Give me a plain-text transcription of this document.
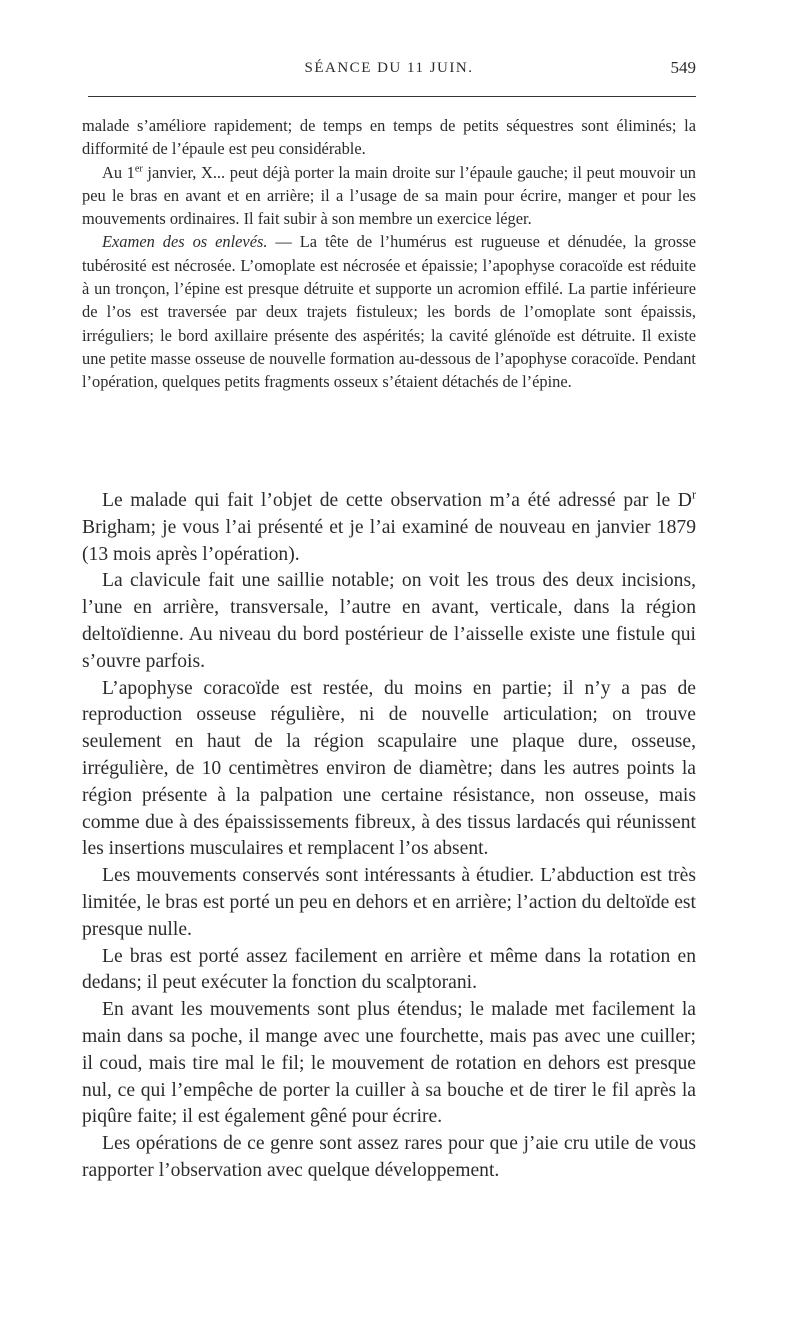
SÉANCE DU 11 JUIN.	549

malade s’améliore rapidement; de temps en temps de petits séquestres sont éliminés; la difformité de l’épaule est peu considérable.

Au 1er janvier, X... peut déjà porter la main droite sur l’épaule gauche; il peut mouvoir un peu le bras en avant et en arrière; il a l’usage de sa main pour écrire, manger et pour les mouvements ordinaires. Il fait subir à son membre un exercice léger.

Examen des os enlevés. — La tête de l’humérus est rugueuse et dénudée, la grosse tubérosité est nécrosée. L’omoplate est nécrosée et épaissie; l’apophyse coracoïde est réduite à un tronçon, l’épine est presque détruite et supporte un acromion effilé. La partie inférieure de l’os est traversée par deux trajets fistuleux; les bords de l’omoplate sont épaissis, irréguliers; le bord axillaire présente des aspérités; la cavité glénoïde est détruite. Il existe une petite masse osseuse de nouvelle formation au-dessous de l’apophyse coracoïde. Pendant l’opération, quelques petits fragments osseux s’étaient détachés de l’épine.

Le malade qui fait l’objet de cette observation m’a été adressé par le $D^r$ Brigham; je vous l’ai présenté et je l’ai examiné de nouveau en janvier 1879 (13 mois après l’opération).

La clavicule fait une saillie notable; on voit les trous des deux incisions, l’une en arrière, transversale, l’autre en avant, verticale, dans la région deltoïdienne. Au niveau du bord postérieur de l’aisselle existe une fistule qui s’ouvre parfois.

L’apophyse coracoïde est restée, du moins en partie; il n’y a pas de reproduction osseuse régulière, ni de nouvelle articulation; on trouve seulement en haut de la région scapulaire une plaque dure, osseuse, irrégulière, de 10 centimètres environ de diamètre; dans les autres points la région présente à la palpation une certaine résistance, non osseuse, mais comme due à des épaississements fibreux, à des tissus lardacés qui réunissent les insertions musculaires et remplacent l’os absent.

Les mouvements conservés sont intéressants à étudier. L’abduction est très limitée, le bras est porté un peu en dehors et en arrière; l’action du deltoïde est presque nulle.

Le bras est porté assez facilement en arrière et même dans la rotation en dedans; il peut exécuter la fonction du scalptorani.

En avant les mouvements sont plus étendus; le malade met facilement la main dans sa poche, il mange avec une fourchette, mais pas avec une cuiller; il coud, mais tire mal le fil; le mouvement de rotation en dehors est presque nul, ce qui l’empêche de porter la cuiller à sa bouche et de tirer le fil après la piqûre faite; il est également gêné pour écrire.

Les opérations de ce genre sont assez rares pour que j’aie cru utile de vous rapporter l’observation avec quelque développement.
